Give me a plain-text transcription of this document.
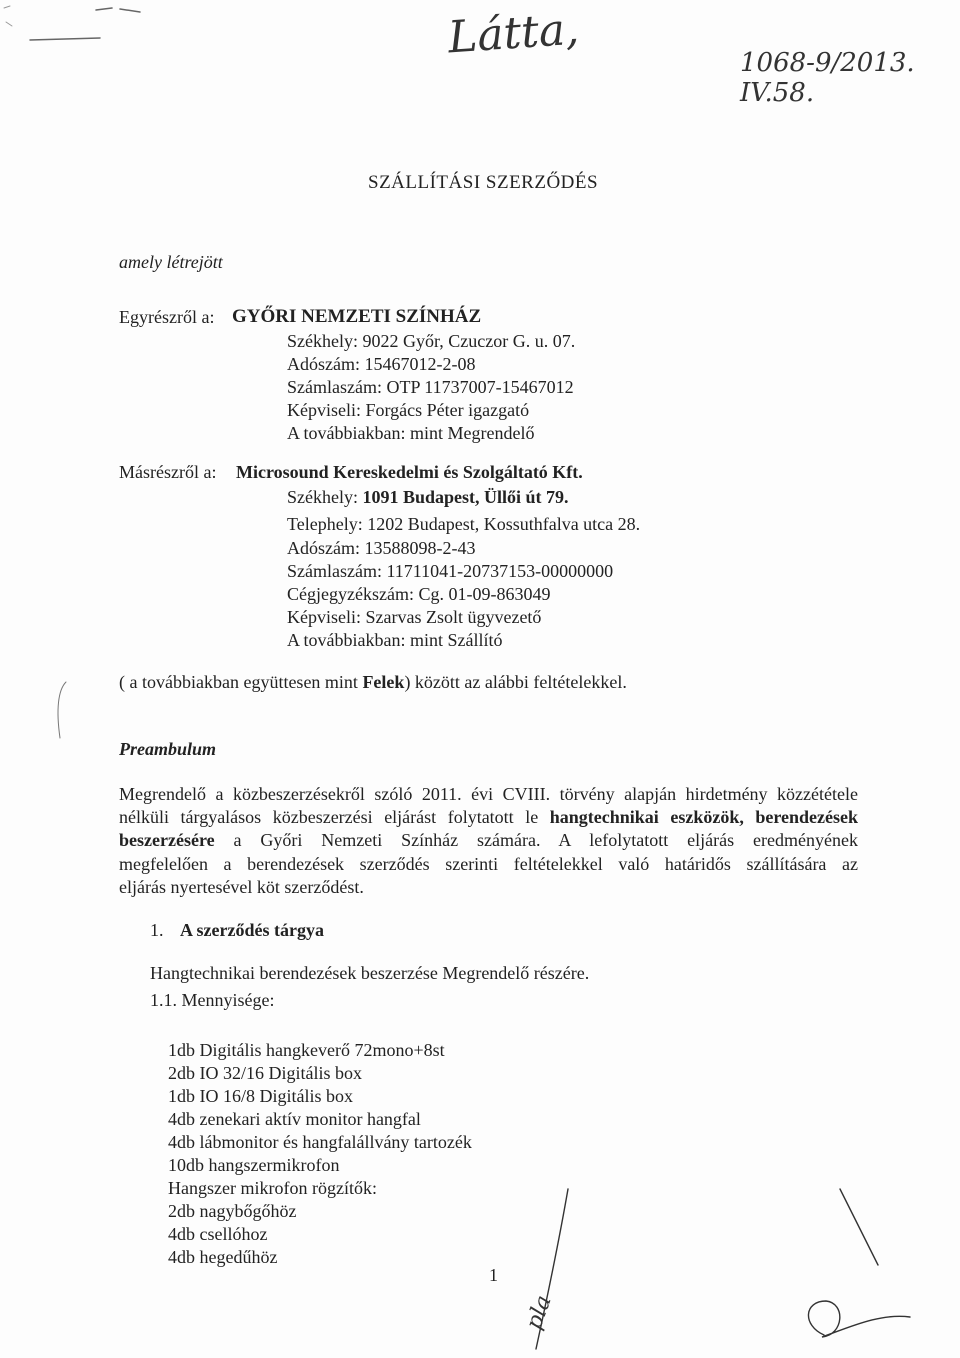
Látta,	1068-9/2013. IV.58.
SZÁLLÍTÁSI SZERZŐDÉS
amely létrejött
Egyrészről a: GYŐRI NEMZETI SZÍNHÁZ
Székhely: 9022 Győr, Czuczor G. u. 07.
Adószám: 15467012-2-08
Számlaszám: OTP 11737007-15467012
Képviseli: Forgács Péter igazgató
A továbbiakban: mint Megrendelő
Másrészről a: Microsound Kereskedelmi és Szolgáltató Kft.
Székhely: 1091 Budapest, Üllői út 79.
Telephely: 1202 Budapest, Kossuthfalva utca 28.
Adószám: 13588098-2-43
Számlaszám: 11711041-20737153-00000000
Cégjegyzékszám: Cg. 01-09-863049
Képviseli: Szarvas Zsolt ügyvezető
A továbbiakban: mint Szállító
( a továbbiakban együttesen mint Felek) között az alábbi feltételekkel.
Preambulum
Megrendelő a közbeszerzésekről szóló 2011. évi CVIII. törvény alapján hirdetmény közzététele
nélküli tárgyalásos közbeszerzési eljárást folytatott le hangtechnikai eszközök, berendezések
beszerzésére a Győri Nemzeti Színház számára. A lefolytatott eljárás eredményének
megfelelően a berendezések szerződés szerinti feltételekkel való határidős szállítására az
eljárás nyertesével köt szerződést.
1. A szerződés tárgya
Hangtechnikai berendezések beszerzése Megrendelő részére.
1.1. Mennyisége:
1db Digitális hangkeverő 72mono+8st
2db IO 32/16 Digitális box
1db IO 16/8 Digitális box
4db zenekari aktív monitor hangfal
4db lábmonitor és hangfalállvány tartozék
10db hangszermikrofon
Hangszer mikrofon rögzítők:
2db nagybőgőhöz
4db csellóhoz
4db hegedűhöz
1
pla
